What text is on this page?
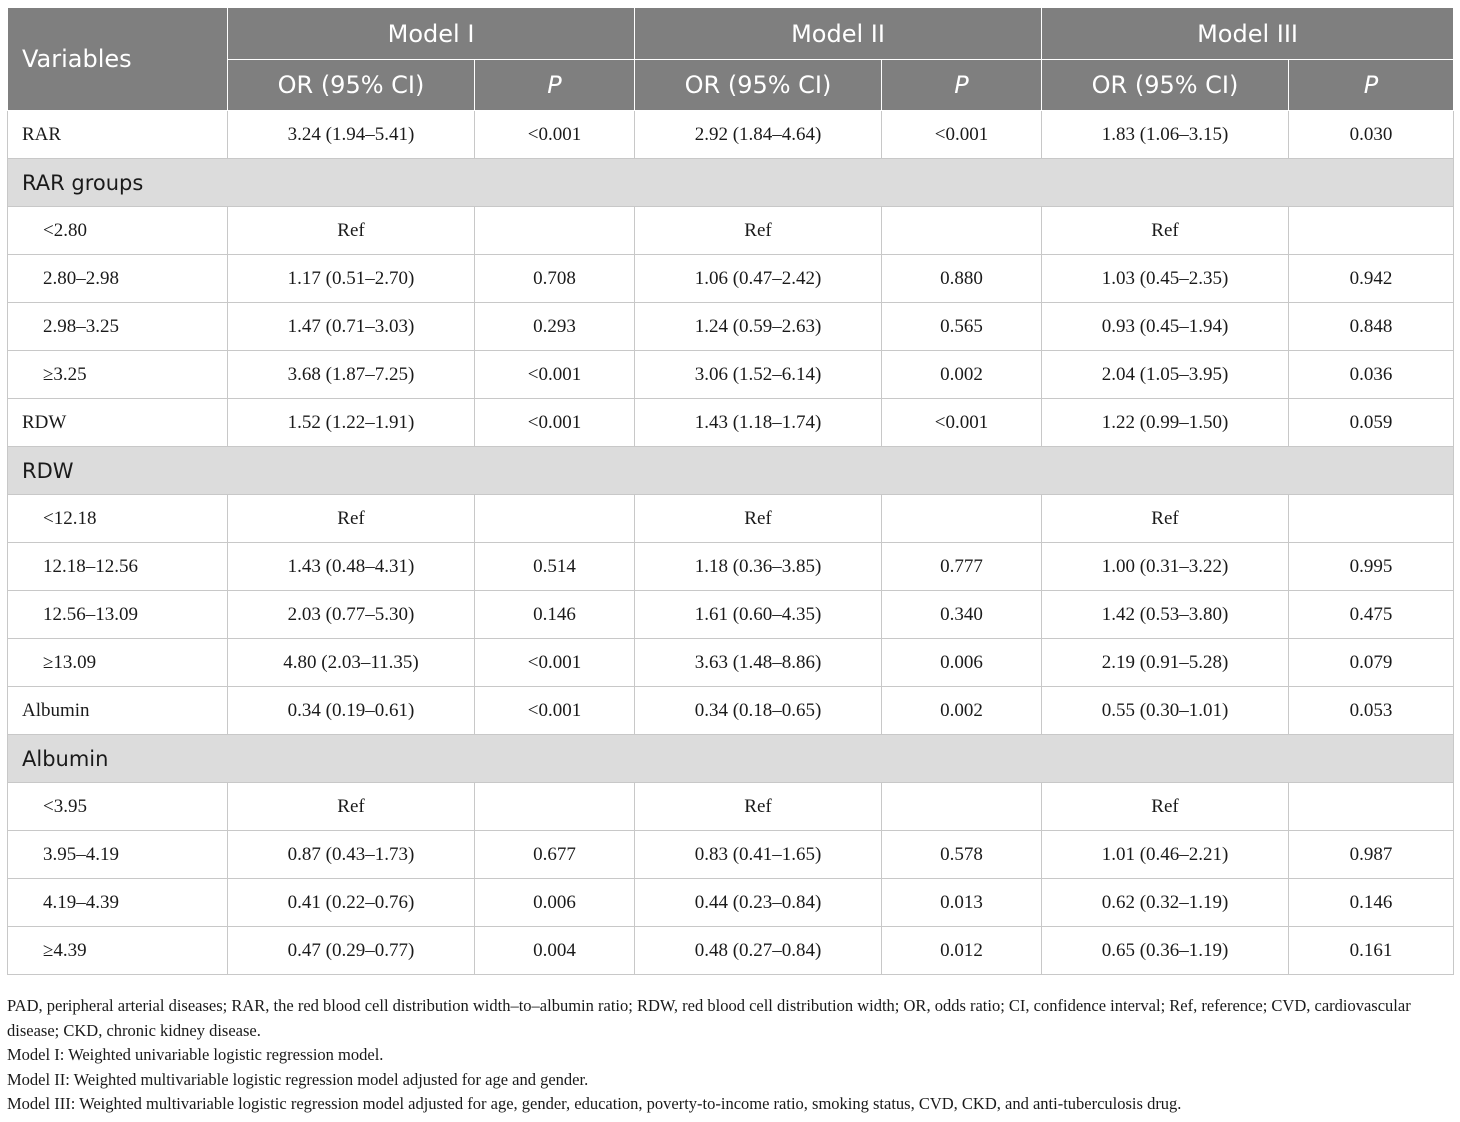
Variables	Model I		Model II		Model III	
	OR (95% CI)	P	OR (95% CI)	P	OR (95% CI)	P
RAR	3.24 (1.94–5.41)	<0.001	2.92 (1.84–4.64)	<0.001	1.83 (1.06–3.15)	0.030
RAR groups						
<2.80	Ref		Ref		Ref	
2.80–2.98	1.17 (0.51–2.70)	0.708	1.06 (0.47–2.42)	0.880	1.03 (0.45–2.35)	0.942
2.98–3.25	1.47 (0.71–3.03)	0.293	1.24 (0.59–2.63)	0.565	0.93 (0.45–1.94)	0.848
≥3.25	3.68 (1.87–7.25)	<0.001	3.06 (1.52–6.14)	0.002	2.04 (1.05–3.95)	0.036
RDW	1.52 (1.22–1.91)	<0.001	1.43 (1.18–1.74)	<0.001	1.22 (0.99–1.50)	0.059
RDW						
<12.18	Ref		Ref		Ref	
12.18–12.56	1.43 (0.48–4.31)	0.514	1.18 (0.36–3.85)	0.777	1.00 (0.31–3.22)	0.995
12.56–13.09	2.03 (0.77–5.30)	0.146	1.61 (0.60–4.35)	0.340	1.42 (0.53–3.80)	0.475
≥13.09	4.80 (2.03–11.35)	<0.001	3.63 (1.48–8.86)	0.006	2.19 (0.91–5.28)	0.079
Albumin	0.34 (0.19–0.61)	<0.001	0.34 (0.18–0.65)	0.002	0.55 (0.30–1.01)	0.053
Albumin						
<3.95	Ref		Ref		Ref	
3.95–4.19	0.87 (0.43–1.73)	0.677	0.83 (0.41–1.65)	0.578	1.01 (0.46–2.21)	0.987
4.19–4.39	0.41 (0.22–0.76)	0.006	0.44 (0.23–0.84)	0.013	0.62 (0.32–1.19)	0.146
≥4.39	0.47 (0.29–0.77)	0.004	0.48 (0.27–0.84)	0.012	0.65 (0.36–1.19)	0.161

PAD, peripheral arterial diseases; RAR, the red blood cell distribution width–to–albumin ratio; RDW, red blood cell distribution width; OR, odds ratio; CI, confidence interval; Ref, reference; CVD, cardiovascular disease; CKD, chronic kidney disease.

Model I: Weighted univariable logistic regression model.

Model II: Weighted multivariable logistic regression model adjusted for age and gender.

Model III: Weighted multivariable logistic regression model adjusted for age, gender, education, poverty-to-income ratio, smoking status, CVD, CKD, and anti-tuberculosis drug.
